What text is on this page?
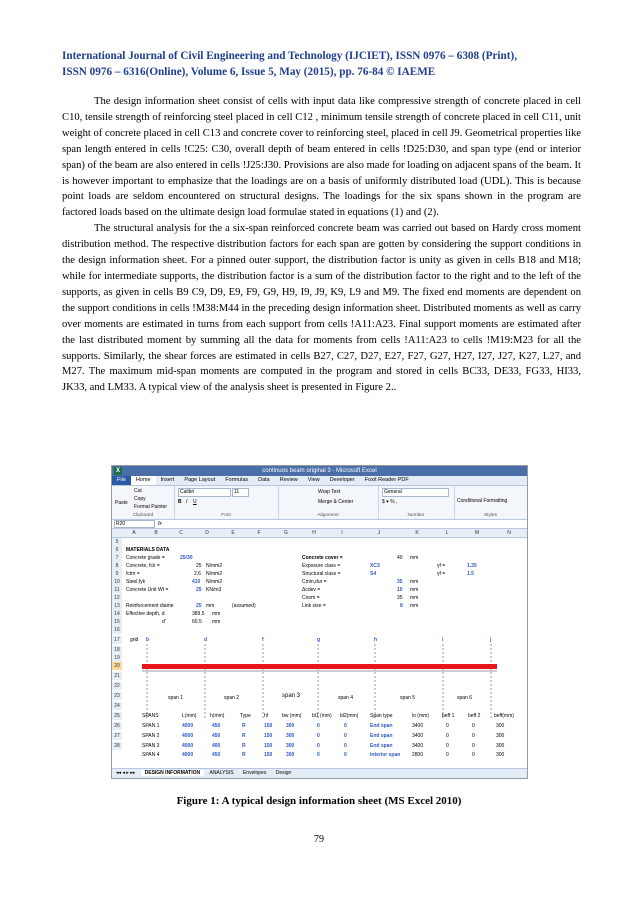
International Journal of Civil Engineering and Technology (IJCIET), ISSN 0976 – 6308 (Print),
ISSN 0976 – 6316(Online), Volume 6, Issue 5, May (2015), pp. 76-84 © IAEME

The design information sheet consist of cells with input data like compressive strength of concrete placed in cell C10, tensile strength of reinforcing steel placed in cell C12 , minimum tensile strength of concrete placed in cell C11, unit weight of concrete placed in cell C13 and concrete cover to reinforcing steel, placed in cell J9. Geometrical properties like span length entered in cells !C25: C30, overall depth of beam entered in cells !D25:D30, and span type (end or interior span) of the beam are also entered in cells !J25:J30. Provisions are also made for loading on adjacent spans of the beam. It is however important to emphasize that the loadings are on a basis of uniformly distributed load (UDL). This is because point loads are seldom encountered on structural designs. The loadings for the six spans shown in the program are factored loads based on the ultimate design load formulae stated in equations (1) and (2).

The structural analysis for the a six-span reinforced concrete beam was carried out based on Hardy cross moment distribution method. The respective distribution factors for each span are gotten by considering the support conditions in the design information sheet. For a pinned outer support, the distribution factor is unity as given in cells B18 and M18; while for intermediate supports, the distribution factor is a sum of the distribution factor to the right and to the left of the supports, as given in cells B9 C9, D9, E9, F9, G9, H9, I9, J9, K9, L9 and M9. The fixed end moments are dependent on the support conditions in cells !M38:M44 in the preceding design information sheet. Distributed moments as well as carry over moments are estimated in turns from each support from cells !A11:A23. Final support moments are estimated after the last distributed moment by summing all the data for moments from cells !A11:A23 to cells !M19:M23 for all the supports. Similarly, the shear forces are estimated in cells B27, C27, D27, E27, F27, G27, H27, I27, J27, K27, L27, and M27. The maximum mid-span moments are computed in the program and stored in cells BC33, DE33, FG33, HI33, JK33, and LM33. A typical view of the analysis sheet is presented in Figure 2..

X	continuos beam original 3 - Microsoft Excel
File	Home	Insert	Page Layout	Formulas	Data	Review	View	Developer	Foxit Reader PDF
Paste
Cut
Copy
Format Painter
Clipboard
Calibri	11
B I U
Font
Wrap Text
Merge & Center
Alignment
General
$ ▾ % ,
Number
Conditional Formatting
Styles
R20	fx
A	B	C	D	E	F	G	H	I	J	K	L	M	N
5
6
7
8
9
10
11
12
13
14
15
16
17
18
19
20
21
22
23
24
25
26
27
28
MATERIALS DATA
Concrete grade =	25/30	Concrete cover =	40 mm
Concrete, fck =	25 N/mm2	Exposure class =	XC3	γf =	1.35
fctm =	2.6 N/mm2	Structural class =	S4	γf =	1.5
Steel,fyk	410 N/mm2	Cmin,dur =	35 mm
Concrete Unit Wt =	25 KN/m3	Δcdev =	10 mm
Cnom =	35 mm
Reinforcement diame	25 mm	(assumed)	Link size =	8 mm
Effective depth, d	389.5 mm
d'	60.5 mm
grid b	d	f	g	h	i	j
span 1	span 2	span 3	span 4	span 5	span 6
SPANS	L(mm)	h(mm)	Type	hf	bw (mm) bl1 (mm) bl2(mm) Span type	lo (mm)	beff 1	beff 2	beff(mm)
SPAN 1	4000	450	R	150	300	0	0	End span	3400	0	0	300
SPAN 2	4000	450	R	150	300	0	0	End span	3400	0	0	300
SPAN 3	4000	400	R	150	300	0	0	End span	3400	0	0	300
SPAN 4	4000	450	R	150	300	0	0	Interior span 2800	0	0	300
◂◂ ◂ ▸ ▸▸ DESIGN INFORMATION ANALYSIS Envelopes Design
Figure 1: A typical design information sheet (MS Excel 2010)
79
